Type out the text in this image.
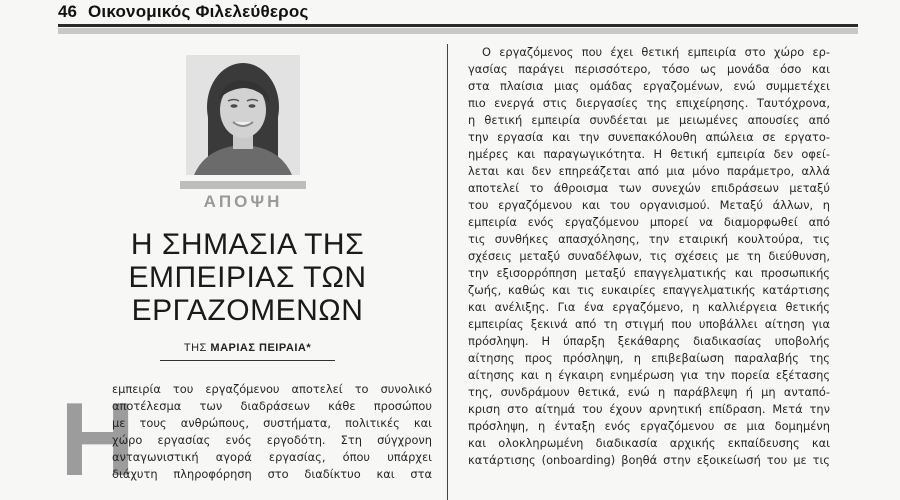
46 Οικονομικός Φιλελεύθερος
ΑΠΟΨΗ
Η ΣΗΜΑΣΙΑ ΤΗΣ
ΕΜΠΕΙΡΙΑΣ ΤΩΝ
ΕΡΓΑΖΟΜΕΝΩΝ
ΤΗΣ ΜΑΡΙΑΣ ΠΕΙΡΑΙΑ*
Η
εμπειρία του εργαζόμενου αποτελεί το συνολικό
αποτέλεσμα των διαδράσεων κάθε προσώπου
με τους ανθρώπους, συστήματα, πολιτικές και
χώρο εργασίας ενός εργοδότη. Στη σύγχρονη
ανταγωνιστική αγορά εργασίας, όπου υπάρχει
διάχυτη πληροφόρηση στο διαδίκτυο και στα
Ο εργαζόμενος που έχει θετική εμπειρία στο χώρο ερ-
γασίας παράγει περισσότερο, τόσο ως μονάδα όσο και
στα πλαίσια μιας ομάδας εργαζομένων, ενώ συμμετέχει
πιο ενεργά στις διεργασίες της επιχείρησης. Ταυτόχρονα,
η θετική εμπειρία συνδέεται με μειωμένες απουσίες από
την εργασία και την συνεπακόλουθη απώλεια σε εργατο-
ημέρες και παραγωγικότητα. Η θετική εμπειρία δεν οφεί-
λεται και δεν επηρεάζεται από μια μόνο παράμετρο, αλλά
αποτελεί το άθροισμα των συνεχών επιδράσεων μεταξύ
του εργαζόμενου και του οργανισμού. Μεταξύ άλλων, η
εμπειρία ενός εργαζόμενου μπορεί να διαμορφωθεί από
τις συνθήκες απασχόλησης, την εταιρική κουλτούρα, τις
σχέσεις μεταξύ συναδέλφων, τις σχέσεις με τη διεύθυνση,
την εξισορρόπηση μεταξύ επαγγελματικής και προσωπικής
ζωής, καθώς και τις ευκαιρίες επαγγελματικής κατάρτισης
και ανέλιξης. Για ένα εργαζόμενο, η καλλιέργεια θετικής
εμπειρίας ξεκινά από τη στιγμή που υποβάλλει αίτηση για
πρόσληψη. Η ύπαρξη ξεκάθαρης διαδικασίας υποβολής
αίτησης προς πρόσληψη, η επιβεβαίωση παραλαβής της
αίτησης και η έγκαιρη ενημέρωση για την πορεία εξέτασης
της, συνδράμουν θετικά, ενώ η παράβλεψη ή μη ανταπό-
κριση στο αίτημά του έχουν αρνητική επίδραση. Μετά την
πρόσληψη, η ένταξη ενός εργαζόμενου σε μια δομημένη
και ολοκληρωμένη διαδικασία αρχικής εκπαίδευσης και
κατάρτισης (onboarding) βοηθά στην εξοικείωσή του με τις
